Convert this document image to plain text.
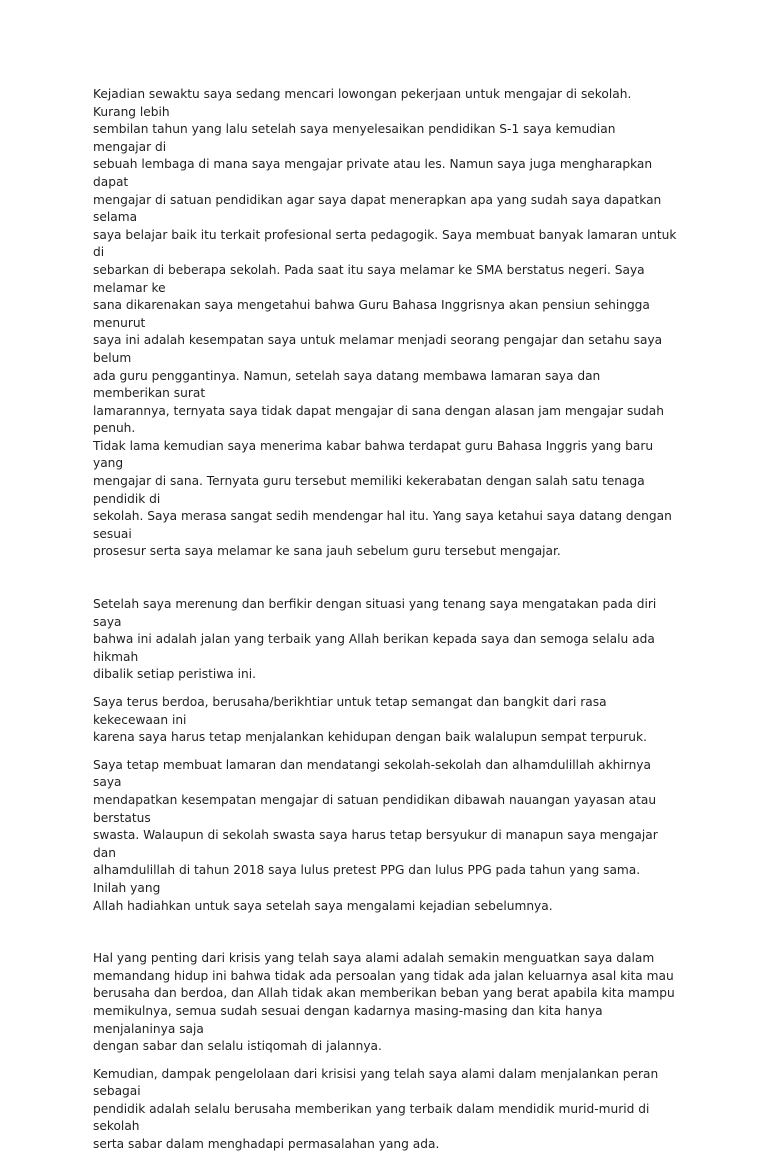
Kejadian sewaktu saya sedang mencari lowongan pekerjaan untuk mengajar di sekolah. Kurang lebih
sembilan tahun yang lalu setelah saya menyelesaikan pendidikan S-1 saya kemudian mengajar di
sebuah lembaga di mana saya mengajar private atau les. Namun saya juga mengharapkan dapat
mengajar di satuan pendidikan agar saya dapat menerapkan apa yang sudah saya dapatkan selama
saya belajar baik itu terkait profesional serta pedagogik. Saya membuat banyak lamaran untuk di
sebarkan di beberapa sekolah. Pada saat itu saya melamar ke SMA berstatus negeri. Saya melamar ke
sana dikarenakan saya mengetahui bahwa Guru Bahasa Inggrisnya akan pensiun sehingga menurut
saya ini adalah kesempatan saya untuk melamar menjadi seorang pengajar dan setahu saya belum
ada guru penggantinya. Namun, setelah saya datang membawa lamaran saya dan memberikan surat
lamarannya, ternyata saya tidak dapat mengajar di sana dengan alasan jam mengajar sudah penuh.
Tidak lama kemudian saya menerima kabar bahwa terdapat guru Bahasa Inggris yang baru yang
mengajar di sana. Ternyata guru tersebut memiliki kekerabatan dengan salah satu tenaga pendidik di
sekolah. Saya merasa sangat sedih mendengar hal itu. Yang saya ketahui saya datang dengan sesuai
prosesur serta saya melamar ke sana jauh sebelum guru tersebut mengajar.

Setelah saya merenung dan berfikir dengan situasi yang tenang saya mengatakan pada diri saya
bahwa ini adalah jalan yang terbaik yang Allah berikan kepada saya dan semoga selalu ada hikmah
dibalik setiap peristiwa ini.

Saya terus berdoa, berusaha/berikhtiar untuk tetap semangat dan bangkit dari rasa kekecewaan ini
karena saya harus tetap menjalankan kehidupan dengan baik walalupun sempat terpuruk.

Saya tetap membuat lamaran dan mendatangi sekolah-sekolah dan alhamdulillah akhirnya saya
mendapatkan kesempatan mengajar di satuan pendidikan dibawah nauangan yayasan atau berstatus
swasta. Walaupun di sekolah swasta saya harus tetap bersyukur di manapun saya mengajar dan
alhamdulillah di tahun 2018 saya lulus pretest PPG dan lulus PPG pada tahun yang sama. Inilah yang
Allah hadiahkan untuk saya setelah saya mengalami kejadian sebelumnya.

Hal yang penting dari krisis yang telah saya alami adalah semakin menguatkan saya dalam
memandang hidup ini bahwa tidak ada persoalan yang tidak ada jalan keluarnya asal kita mau
berusaha dan berdoa, dan Allah tidak akan memberikan beban yang berat apabila kita mampu
memikulnya, semua sudah sesuai dengan kadarnya masing-masing dan kita hanya menjalaninya saja
dengan sabar dan selalu istiqomah di jalannya.

Kemudian, dampak pengelolaan dari krisisi yang telah saya alami dalam menjalankan peran sebagai
pendidik adalah selalu berusaha memberikan yang terbaik dalam mendidik murid-murid di sekolah
serta sabar dalam menghadapi permasalahan yang ada.
